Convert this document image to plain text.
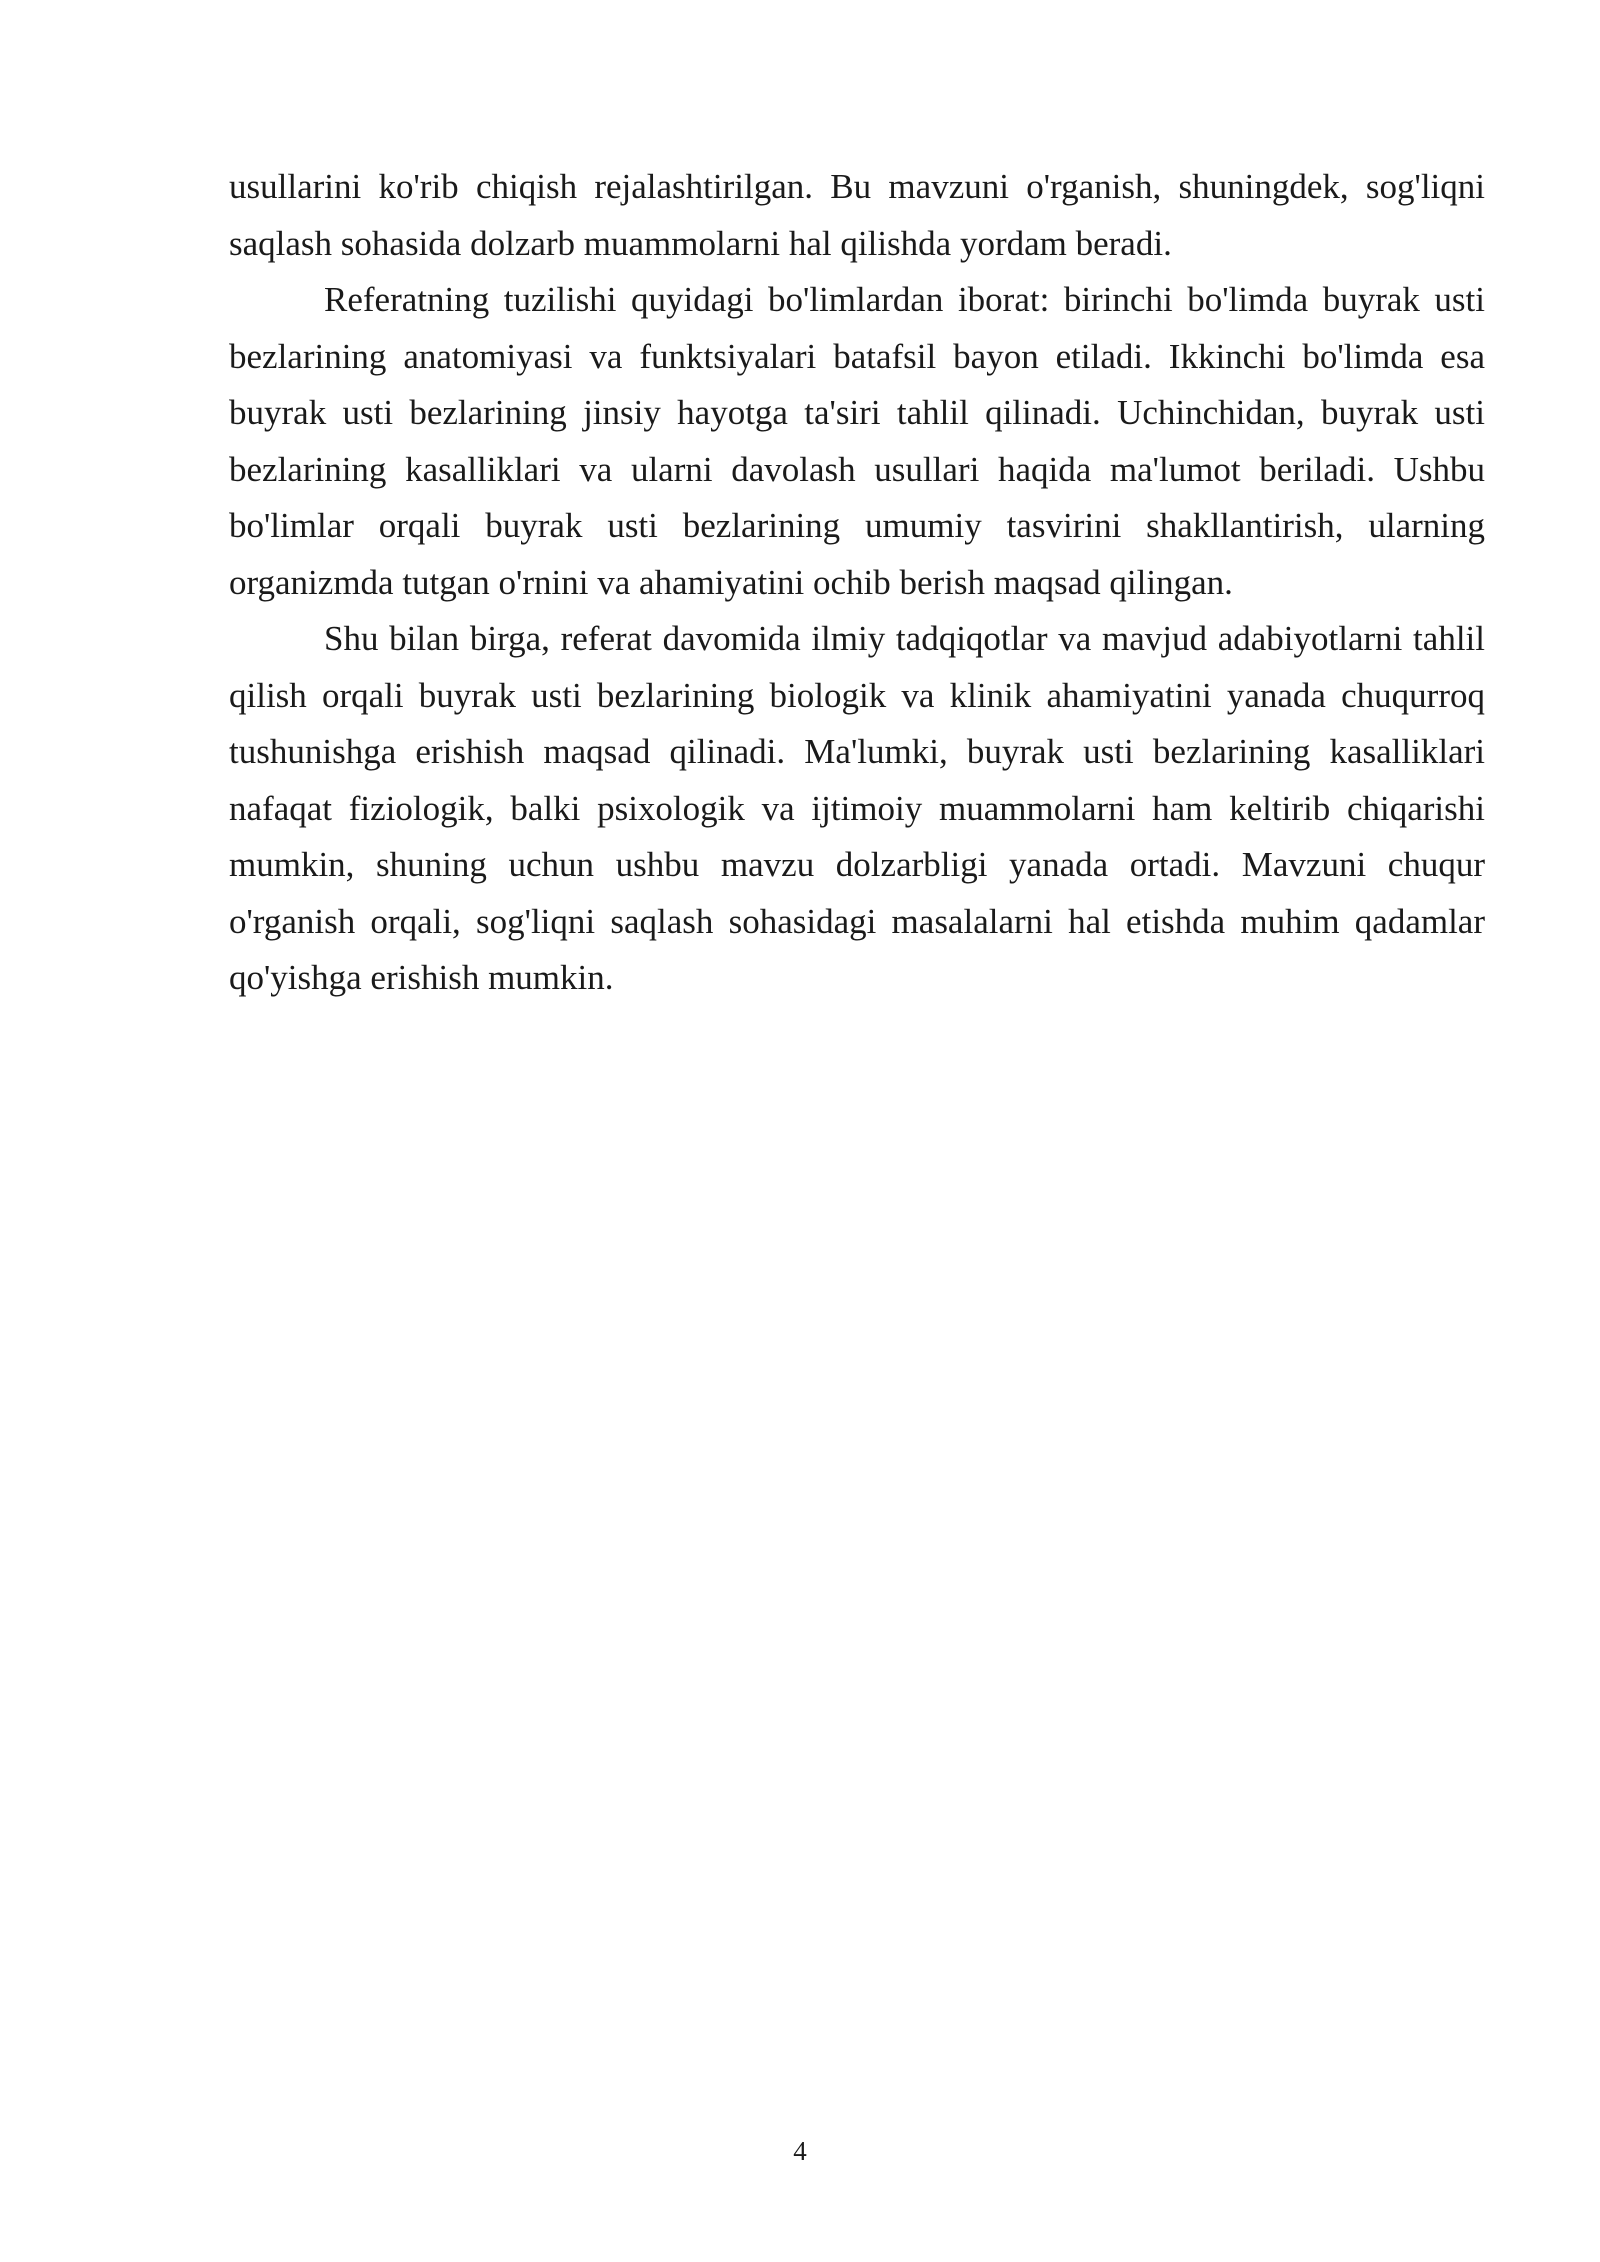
usullarini ko'rib chiqish rejalashtirilgan. Bu mavzuni o'rganish, shuningdek, sog'liqni saqlash sohasida dolzarb muammolarni hal qilishda yordam beradi.

Referatning tuzilishi quyidagi bo'limlardan iborat: birinchi bo'limda buyrak usti bezlarining anatomiyasi va funktsiyalari batafsil bayon etiladi. Ikkinchi bo'limda esa buyrak usti bezlarining jinsiy hayotga ta'siri tahlil qilinadi. Uchinchidan, buyrak usti bezlarining kasalliklari va ularni davolash usullari haqida ma'lumot beriladi. Ushbu bo'limlar orqali buyrak usti bezlarining umumiy tasvirini shakllantirish, ularning organizmda tutgan o'rnini va ahamiyatini ochib berish maqsad qilingan.

Shu bilan birga, referat davomida ilmiy tadqiqotlar va mavjud adabiyotlarni tahlil qilish orqali buyrak usti bezlarining biologik va klinik ahamiyatini yanada chuqurroq tushunishga erishish maqsad qilinadi. Ma'lumki, buyrak usti bezlarining kasalliklari nafaqat fiziologik, balki psixologik va ijtimoiy muammolarni ham keltirib chiqarishi mumkin, shuning uchun ushbu mavzu dolzarbligi yanada ortadi. Mavzuni chuqur o'rganish orqali, sog'liqni saqlash sohasidagi masalalarni hal etishda muhim qadamlar qo'yishga erishish mumkin.

4
